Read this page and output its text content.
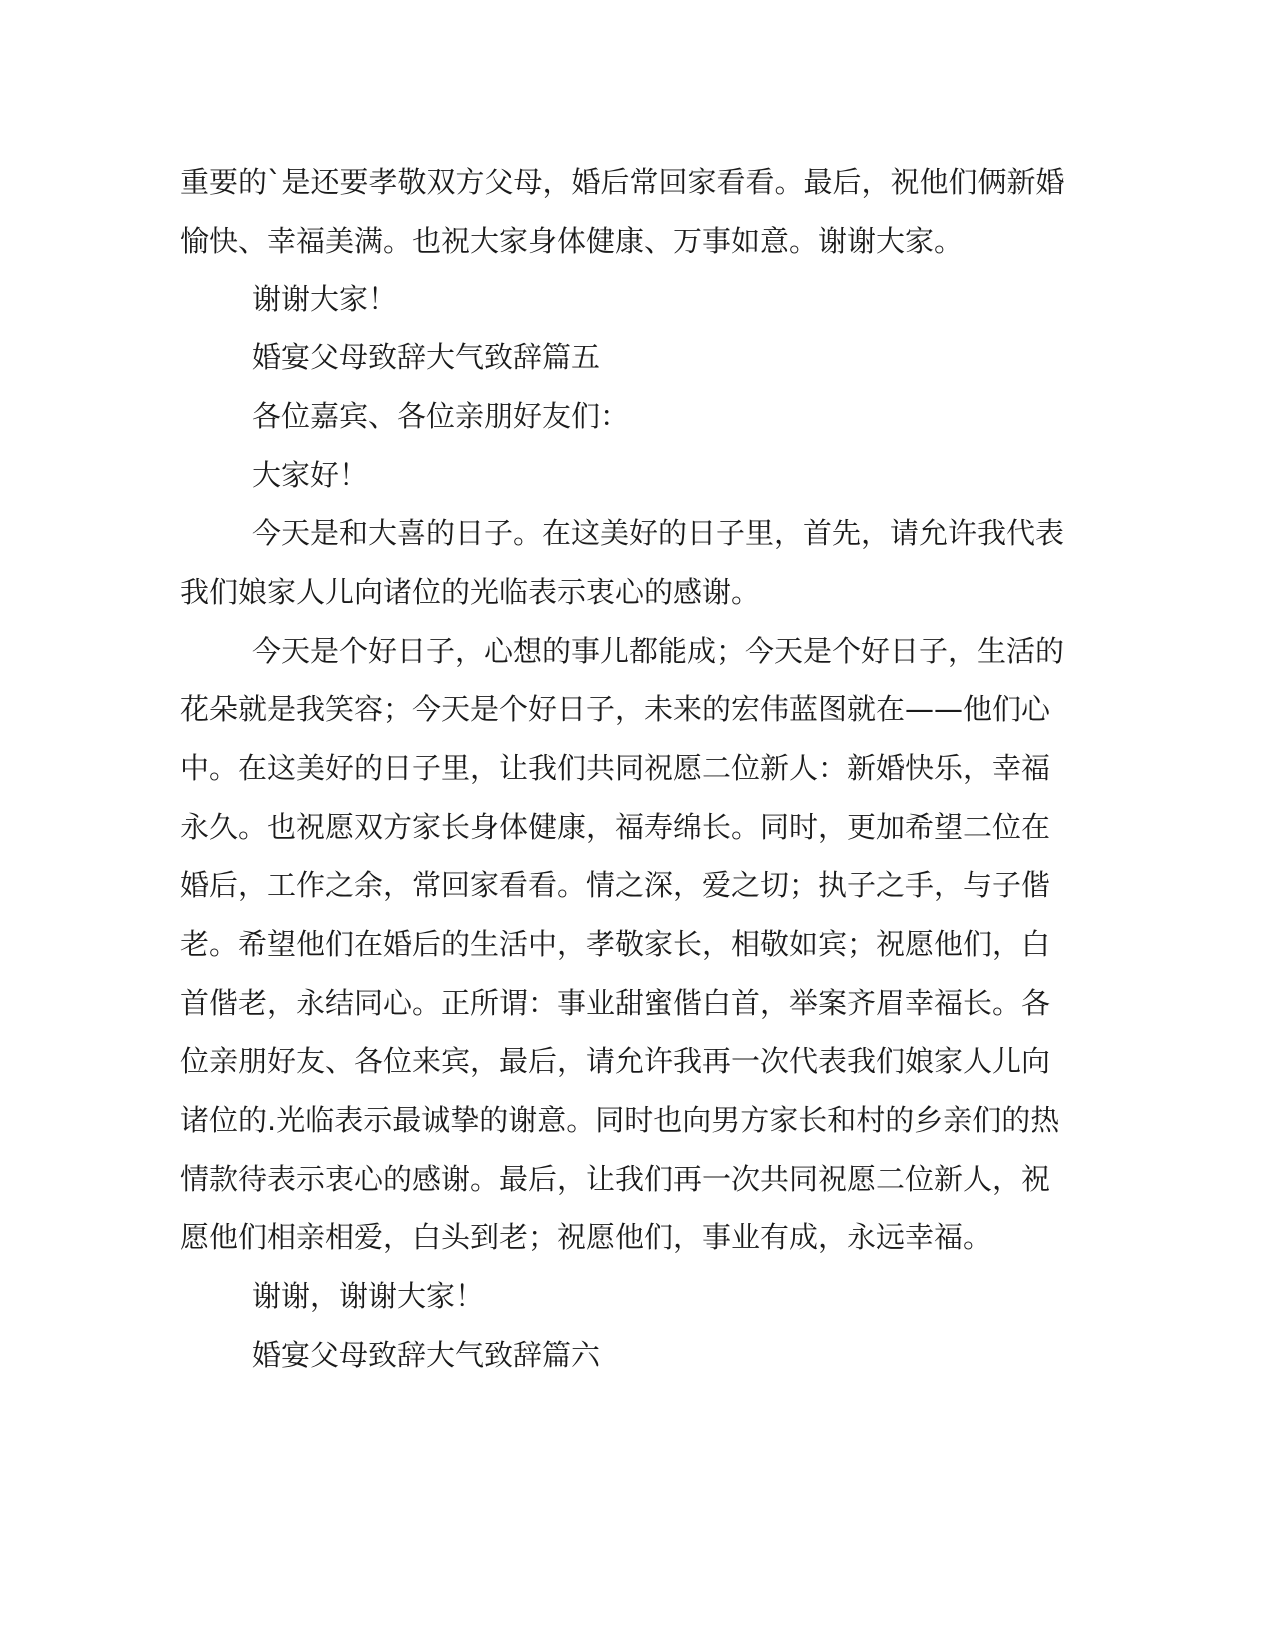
重要的`是还要孝敬双方父母，婚后常回家看看。最后，祝他们俩新婚
愉快、幸福美满。也祝大家身体健康、万事如意。谢谢大家。
谢谢大家！
婚宴父母致辞大气致辞篇五
各位嘉宾、各位亲朋好友们：
大家好！
今天是和大喜的日子。在这美好的日子里，首先，请允许我代表
我们娘家人儿向诸位的光临表示衷心的感谢。
今天是个好日子，心想的事儿都能成；今天是个好日子，生活的
花朵就是我笑容；今天是个好日子，未来的宏伟蓝图就在——他们心
中。在这美好的日子里，让我们共同祝愿二位新人：新婚快乐，幸福
永久。也祝愿双方家长身体健康，福寿绵长。同时，更加希望二位在
婚后，工作之余，常回家看看。情之深，爱之切；执子之手，与子偕
老。希望他们在婚后的生活中，孝敬家长，相敬如宾；祝愿他们，白
首偕老，永结同心。正所谓：事业甜蜜偕白首，举案齐眉幸福长。各
位亲朋好友、各位来宾，最后，请允许我再一次代表我们娘家人儿向
诸位的.光临表示最诚挚的谢意。同时也向男方家长和村的乡亲们的热
情款待表示衷心的感谢。最后，让我们再一次共同祝愿二位新人，祝
愿他们相亲相爱，白头到老；祝愿他们，事业有成，永远幸福。
谢谢，谢谢大家！
婚宴父母致辞大气致辞篇六
